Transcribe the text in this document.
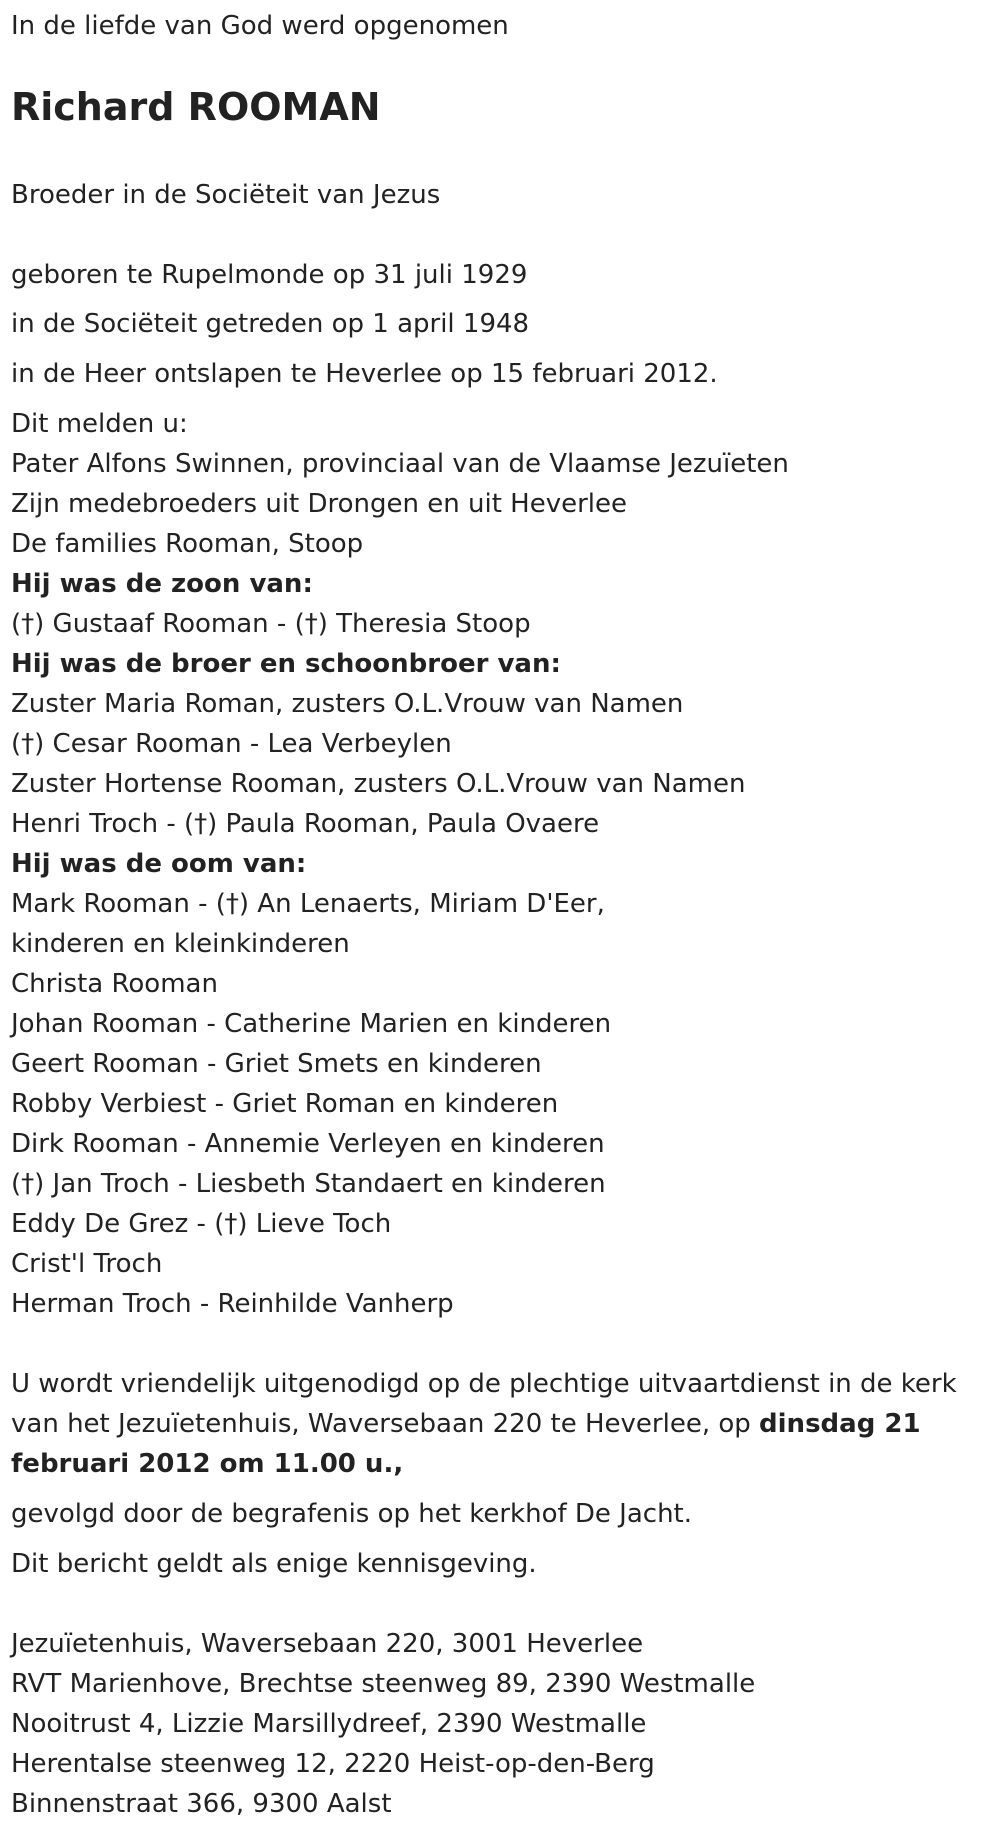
In de liefde van God werd opgenomen
Richard ROOMAN
Broeder in de Sociëteit van Jezus
geboren te Rupelmonde op 31 juli 1929
in de Sociëteit getreden op 1 april 1948
in de Heer ontslapen te Heverlee op 15 februari 2012.
Dit melden u:
Pater Alfons Swinnen, provinciaal van de Vlaamse Jezuïeten
Zijn medebroeders uit Drongen en uit Heverlee
De families Rooman, Stoop
Hij was de zoon van:
(†) Gustaaf Rooman - (†) Theresia Stoop
Hij was de broer en schoonbroer van:
Zuster Maria Roman, zusters O.L.Vrouw van Namen
(†) Cesar Rooman - Lea Verbeylen
Zuster Hortense Rooman, zusters O.L.Vrouw van Namen
Henri Troch - (†) Paula Rooman, Paula Ovaere
Hij was de oom van:
Mark Rooman - (†) An Lenaerts, Miriam D'Eer,
kinderen en kleinkinderen
Christa Rooman
Johan Rooman - Catherine Marien en kinderen
Geert Rooman - Griet Smets en kinderen
Robby Verbiest - Griet Roman en kinderen
Dirk Rooman - Annemie Verleyen en kinderen
(†) Jan Troch - Liesbeth Standaert en kinderen
Eddy De Grez - (†) Lieve Toch
Crist'l Troch
Herman Troch - Reinhilde Vanherp
U wordt vriendelijk uitgenodigd op de plechtige uitvaartdienst in de kerk van het Jezuïetenhuis, Waversebaan 220 te Heverlee, op dinsdag 21 februari 2012 om 11.00 u.,
gevolgd door de begrafenis op het kerkhof De Jacht.
Dit bericht geldt als enige kennisgeving.
Jezuïetenhuis, Waversebaan 220, 3001 Heverlee
RVT Marienhove, Brechtse steenweg 89, 2390 Westmalle
Nooitrust 4, Lizzie Marsillydreef, 2390 Westmalle
Herentalse steenweg 12, 2220 Heist-op-den-Berg
Binnenstraat 366, 9300 Aalst
